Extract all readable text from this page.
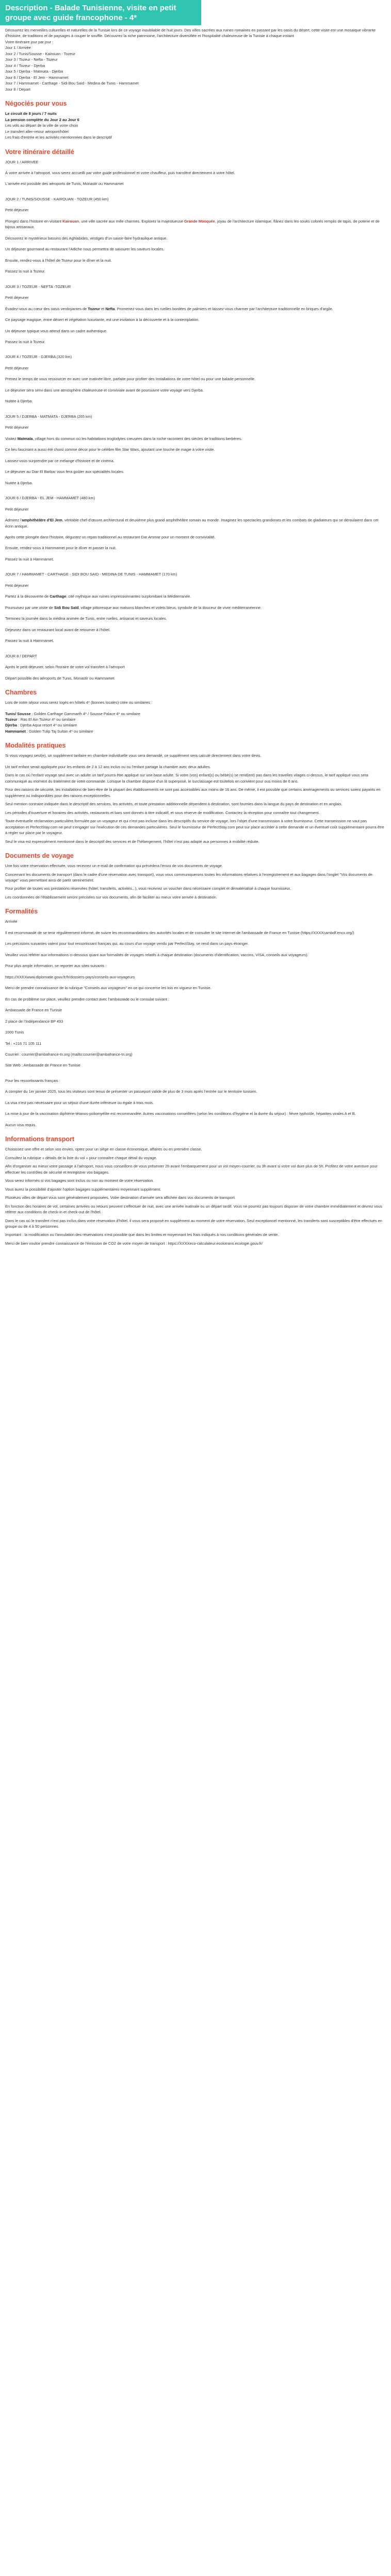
Description - Balade Tunisienne, visite en petit groupe avec guide francophone - 4*
Découvrez les merveilles culturelles et naturelles de la Tunisie lors de ce voyage inoubliable de huit jours. Des villes sacrées aux ruines romaines en passant par les oasis du désert, cette visite est une mosaïque vibrante d'histoire, de traditions et de paysages à couper le souffle. Découvrez la riche patrimoine, l'architecture diversifiée et l'hospitalité chaleureuse de la Tunisie à chaque instant
Votre itinéraire jour par jour :
Jour 1 / Arrivée
Jour 2 / Tunis/Sousse - Kairouan - Tozeur
Jour 3 / Tozeur - Nefta - Tozeur
Jour 4 / Tozeur - Djerba
Jour 5 / Djerba - Matmata - Djerba
Jour 6 / Djerba - El Jem - Hammamet
Jour 7 / Hammamet - Carthage - Sidi Bou Saïd - Medina de Tunis - Hammamet
Jour 8 / Départ
Négociés pour vous
Le circuit de 8 jours / 7 nuits
La pension complète du Jour 2 au Jour 6
Les vols au départ de la ville de votre choix
Le transfert aller-retour aéroport/hôtel
Les frais d'entrée et les activités mentionnées dans le descriptif
Votre itinéraire détaillé
JOUR 1 / ARRIVEE
À votre arrivée à l'aéroport, vous serez accueilli par votre guide professionnel et votre chauffeur, puis transféré directement à votre hôtel.
L'arrivée est possible des aéroports de Tunis, Monastir ou Hammamet
JOUR 2 / TUNIS/SOUSSE - KAIROUAN - TOZEUR (450 km)
Petit déjeuner
Plongez dans l'histoire en visitant Kairouan, une ville sacrée aux mille charmes. Explorez la majestueuse Grande Mosquée, joyau de l'architecture islamique, flânez dans les souks colorés remplis de tapis, de poterie et de bijoux artisanaux.
Découvrez le mystérieux bassins des Aghlabides, vestiges d'un savoir-faire hydraulique antique.
Un déjeuner gourmand au restaurant l'Adiche nous permettra de savourer les saveurs locales.
Ensuite, rendez-vous à l'hôtel de Tozeur pour le dîner et la nuit.
Passez la nuit à Tozeur.
JOUR 3 / TOZEUR - NEFTA -TOZEUR
Petit déjeuner
Évadez-vous au cœur des oasis verdoyantes de Tozeur et Nefta. Promenez-vous dans les ruelles bordées de palmiers et laissez-vous charmer par l'architecture traditionnelle en briques d'argile.
Ce paysage magique, entre désert et végétation luxuriante, est une invitation à la découverte et à la contemplation.
Un déjeuner typique vous attend dans un cadre authentique.
Passez la nuit à Tozeur.
JOUR 4 / TOZEUR - DJERBA (320 km)
Petit déjeuner
Prenez le temps de vous ressourcer en avec une matinée libre, parfaite pour profiter des installations de votre hôtel ou pour une balade personnelle.
Le déjeuner sera servi dans une atmosphère chaleureuse et conviviale avant de poursuivre votre voyage vers Djerba.
Nuitée à Djerba.
JOUR 5 / DJERBA - MATMATA - DJERBA (265 km)
Petit déjeuner
Visitez Matmata, village hors du commun où les habitations troglodytes creusées dans la roche racontent des siècles de traditions berbères.
Ce lieu fascinant a aussi été choisi comme décor pour le célèbre film Star Wars, ajoutant une touche de magie à votre visite.
Laissez-vous surprendre par ce mélange d'histoire et de cinéma.
Le déjeuner au Diar El Barbar vous fera goûter aux spécialités locales.
Nuitée à Djerba.
JOUR 6 / DJERBA - EL JEM - HAMMAMET (480 km)
Petit déjeuner
Admirez l'amphithéâtre d'El Jem, véritable chef-d'œuvre architectural et deuxième plus grand amphithéâtre romain au monde. Imaginez les spectacles grandioses et les combats de gladiateurs qui se déroulaient dans cet écrin antique.
Après cette plongée dans l'histoire, dégustez un repas traditionnel au restaurant Dar Ammar pour un moment de convivialité.
Ensuite, rendez-vous à Hammamet pour le dîner et passer la nuit.
Passez la nuit à Hammamet.
JOUR 7 / HAMMAMET - CARTHAGE - SIDI BOU SAID - MEDINA DE TUNIS - HAMMAMET (170 km)
Petit déjeuner
Partez à la découverte de Carthage, cité mythique aux ruines impressionnantes surplombant la Méditerranée.
Poursuivez par une visite de Sidi Bou Saïd, village pittoresque aux maisons blanches et volets bleus, symbole de la douceur de vivre méditerranéenne.
Terminez la journée dans la médina animée de Tunis, entre ruelles, artisanat et saveurs locales.
Déjeunez dans un restaurant local avant de retourner à l'hôtel.
Passez la nuit à Hammamet.
JOUR 8 / DEPART
Après le petit déjeuner, selon l'horaire de votre vol transfert à l'aéroport
Départ possible des aéroports de Tunis, Monastir ou Hammamet
Chambres
Lors de votre séjour vous serez logés en hôtels 4* (bonnes locales) citée ou similaires :
Tunis/ Sousse : Golden Carthage Gammarth 4* / Sousse Palace 4* ou similaire
Tozeur : Ras El Ain Tozeur 4* ou similaire
Djerba : Djerba Aqua resort 4* ou similaire
Hammamet : Golden Tulip Taj Sultan 4* ou similaire
Modalités pratiques
Si vous voyagez seul(e), un supplément tarifaire en chambre individuelle vous sera demandé, ce supplément sera calculé directement dans votre devis.
Un tarif enfant serait appliquée pour les enfants de 2 à 12 ans inclus ou ou l'enfant partage la chambre avec deux adultes.
Dans le cas où l'enfant voyage seul avec un adulte un tarif pourra être appliqué sur une base adulte. Si votre (vos) enfant(s) ou bébé(s) se rend(ent) pas dans les travelles vilages ci-dessus, le tarif appliqué vous sera communiqué au moment du traitement de votre commande. Lorsque la chambre dispose d'un lit superposé, le surclassage est toutefois en convient pour ous moins de 6 ans.
Pour des raisons de sécurité, les installations de bien-être de la plupart des établissements ne sont pas accessibles aux moins de 16 ans. De même, il est possible que certains aménagements ou services soient payants en supplément ou indisponibles pour des raisons exceptionnelles.
Seul mention contraire indiquée dans le descriptif des services, les activités, et toute prestation additionnelle dépendent à destination, sont fournies dans la langue du pays de destination et en anglais.
Les périodes d'ouverture et horaires des activités, restaurants et bars sont donnés à titre indicatif, et sous réserve de modification. Contactez la réception pour connaître tout changement.
Toute éventuelle réclamation particulière formulée par un voyageur et qui n'est pas incluse dans les descriptifs du service de voyage, lors l'objet d'une transmission à votre fournisseur. Cette transmission ne vaut pas acceptation et PerfectStay.com ne peut s'engager sur l'exécution de ces demandes particulières. Seul le fournisseur de PerfectStay.com peut sur place accéder à cette demande et un éventuel coût supplémentaire pourra être à régler sur place par le voyageur.
Seul le visa est expressément mentionné dans le descriptif des services et de l'hébergement, l'hôtel n'est pas adapté aux personnes à mobilité réduite.
Documents de voyage
Une fois votre réservation effectuée, vous recevrez un e-mail de confirmation qui précédera l'envoi de vos documents de voyage.
Concernant les documents de transport (dans le cadre d'une réservation avec transport), vous vous communiquerons toutes les informations relatives à l'enregistrement et aux bagages dans l'onglet "Vos documents de voyage" vous permettant ainsi de partir sereinement.
Pour profiter de toutes vos prestations réservées (hôtel, transferts, activités...), vous recevrez un voucher dans nécessaire complet et dématérialisé à chaque fournisseur.
Les coordonnées de l'établissement seront précisées sur vos documents, afin de faciliter au mieux votre arrivée à destination.
Formalités
Arrivée
Il est recommandé de se tenir régulièrement informé, de suivre les recommandations des autorités locales et de consulter le site Internet de l'ambassade de France en Tunisie (https://XXXXcambdf.encx.org/)
Les précisions suivantes valent pour tout ressortissant français qui, au cours d'un voyage vendu par PerfectStay, se rend dans un pays étranger.
Veuillez vous référer aux informations ci-dessous quant aux formalités de voyages relatifs à chaque destination (documents d'identification, vaccins, VISA, conseils aux voyageurs).
Pour plus ample information, se reporter aux sites suivants :
https://XXXXwww.diplomatie.gouv.fr/fr/dossiers-pays/conseils-aux-voyageurs
Merci de prendre connaissance de la rubrique "Conseils aux voyageurs" en ce qui concerne les lois en vigueur en Tunisie.
En cas de problème sur place, veuillez prendre contact avec l'ambassade ou le consulat suivant :
Ambassade de France en Tunisie
2 place de l'Indépendance BP 493
1000 Tunis
Tel : +216 71 105 111
Courriel : courrier@ambafrance-tn.org (mailto:courrier@ambafrance-tn.org)
Site Web : Ambassade de France en Tunisie
Pour les ressortissants français :
A compter du 1er janvier 2025, tous les visiteurs sont tenus de présenter un passeport valide de plus de 3 mois après l'entrée sur le territoire tunisien.
La visa n'est pas nécessaire pour un séjour d'une durée inférieure ou égale à trois mois.
La mise à jour de la vaccination diphtérie-tétanos-poliomyélite est recommandée. Autres vaccinations conseillées (selon les conditions d'hygiène et la durée du séjour) : fièvre typhoïde, hépatites virales A et B.
Aucun visa requis.
Informations transport
Choisissez une offre et selon vos envies, optez pour un siège en classe économique, affaires ou en première classe.
Consultez la rubrique « détails de la liste du vol » pour connaître chaque détail du voyage.
Afin d'organiser au mieux votre passage à l'aéroport, nous vous conseillons de vous présenter 2h avant l'embarquement pour un vol moyen-courrier, ou 3h avant si votre vol dure plus de 5h. Profitez de votre aventure pour effectuer les contrôles de sécurité et enregistrer vos bagages.
Vous serez informés si vos bagages sont inclus ou non au moment de votre réservation.
Vous aurez la possibilité d'ajouter l'option bagages supplémentaires moyennant supplément.
Plusieurs villes de départ vous sont généralement proposées. Votre destination d'arrivée sera affichée dans vos documents de transport.
En fonction des horaires de vol, certaines arrivées ou retours peuvent s'effectuer de nuit, avec une arrivée matinale ou un départ tardif. Vous ne pourrez pas toujours disposer de votre chambre immédiatement et devrez vous référer aux conditions de check-in et check-out de l'hôtel.
Dans le cas où le transfert n'est pas inclus dans votre réservation d'hôtel, il vous sera proposé en supplément au moment de votre réservation. Seul exceptionnel mentionné, les transferts sont susceptibles d'être effectués en groupe ou de 4 à 50 personnes.
Important : la modification ou l'annulation des réservations n'est possible que dans les limites et moyennant les frais indiqués à nos conditions générales de vente.
Merci de bien vouloir prendre connaissance de l'émission de CO2 de votre moyen de transport : https://XXXXeco-calculateur.ecolotrans.ecologie.gouv.fr/
